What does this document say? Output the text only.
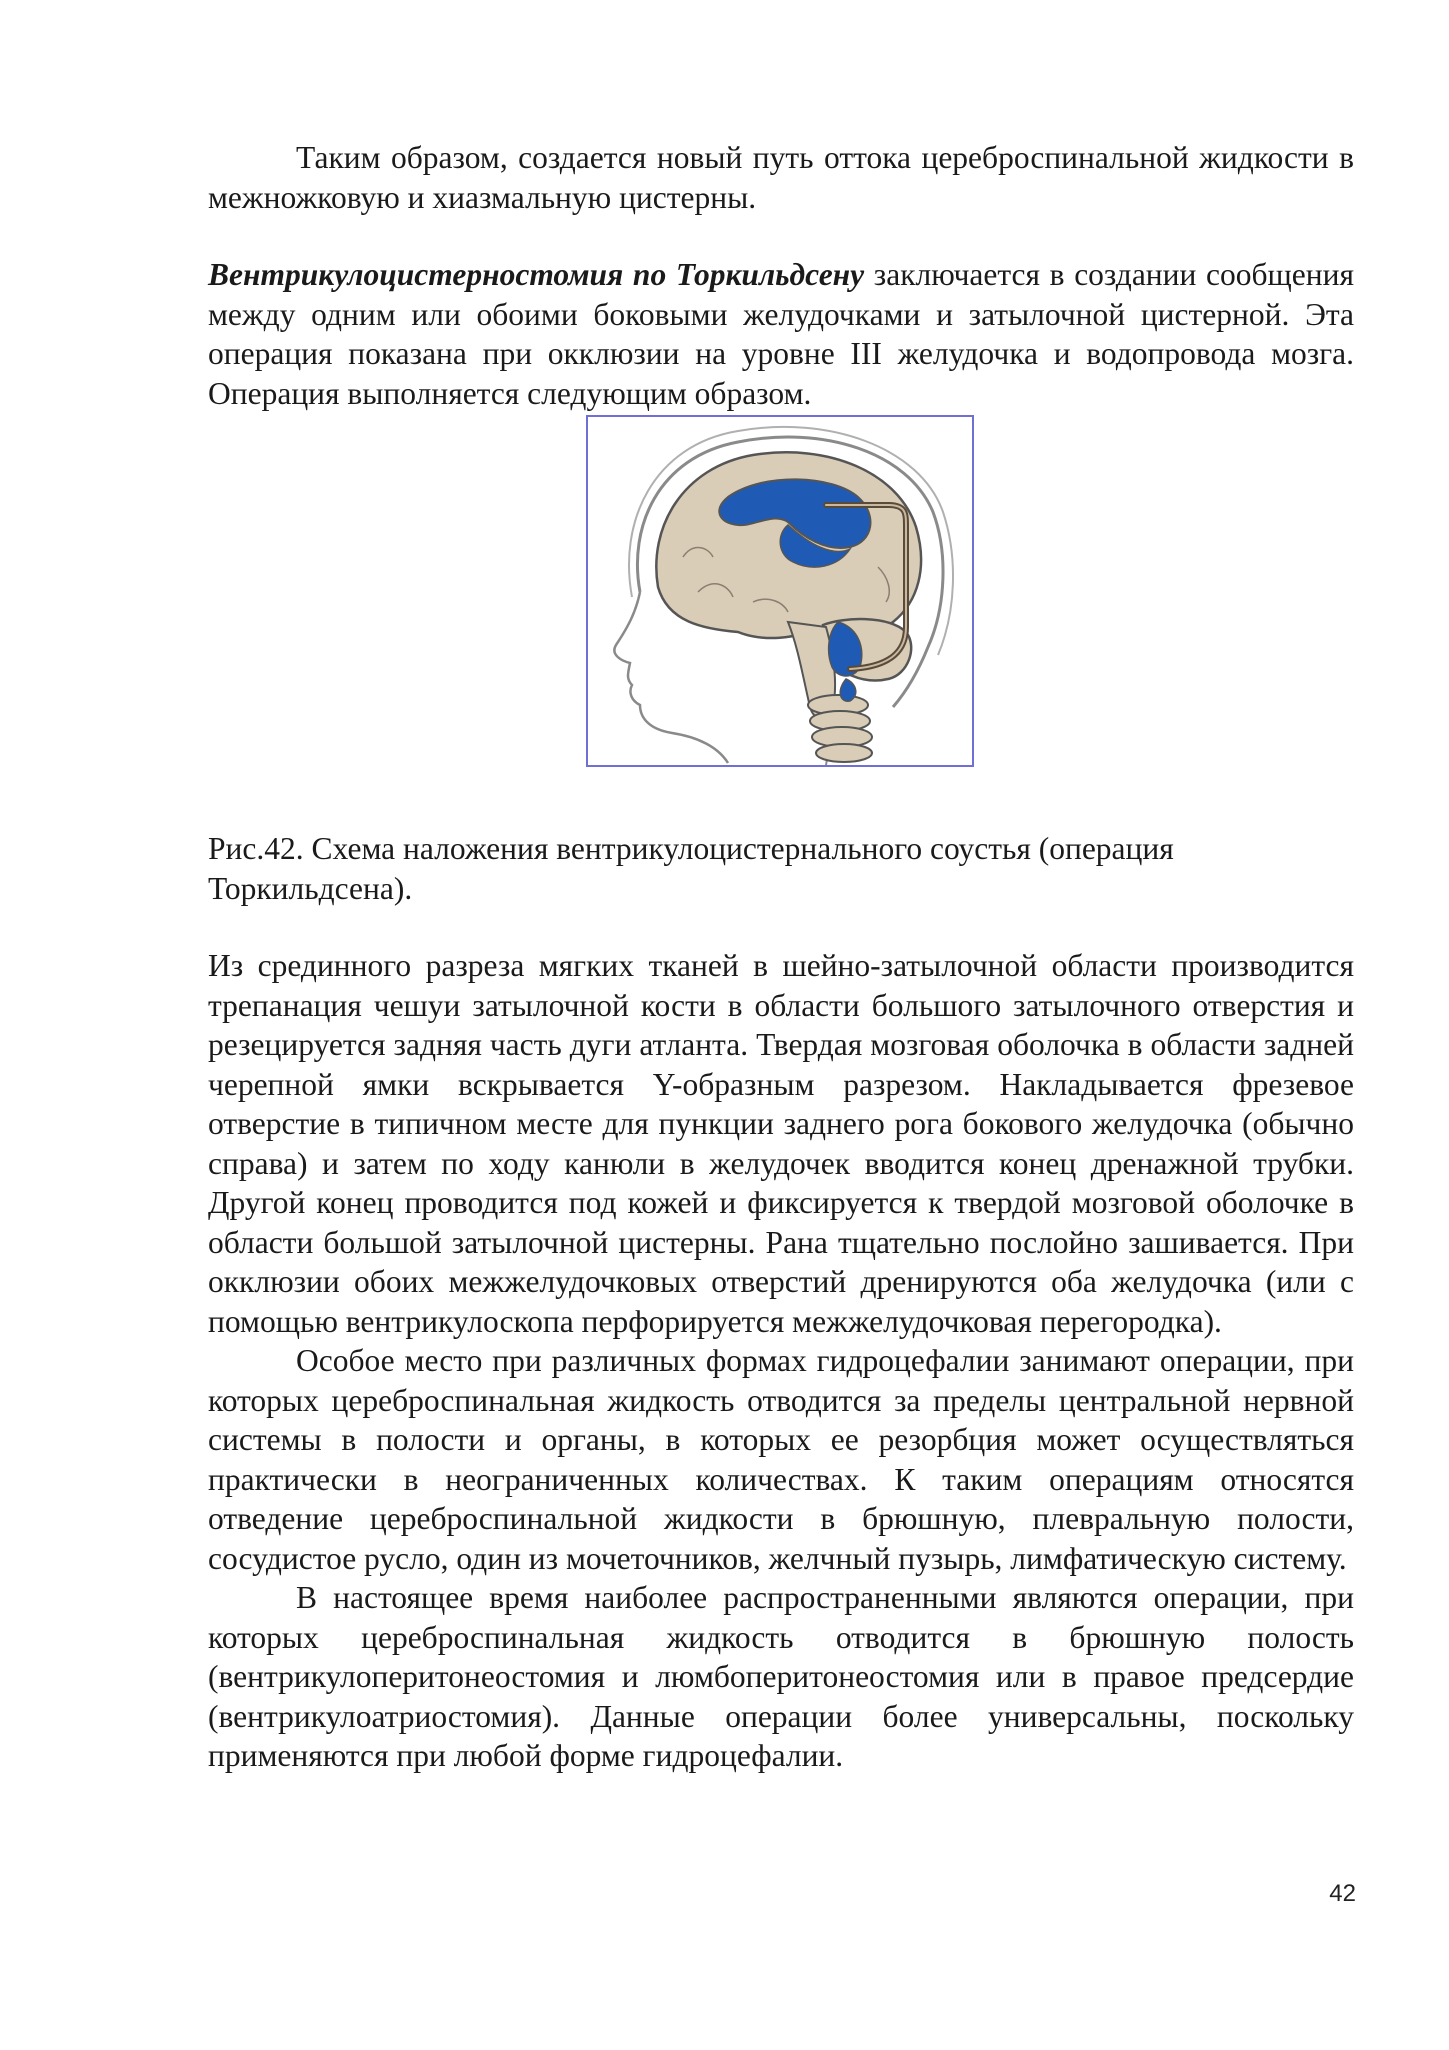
Таким образом, создается новый путь оттока цереброспинальной жидкости в межножковую и хиазмальную цистерны.

Вентрикулоцистерностомия по Торкильдсену заключается в создании сообщения между одним или обоими боковыми желудочками и затылочной цистерной. Эта операция показана при окклюзии на уровне III желудочка и водопровода мозга. Операция выполняется следующим образом.

Рис.42. Схема наложения вентрикулоцистернального соустья (операция Торкильдсена).

Из срединного разреза мягких тканей в шейно-затылочной области производится трепанация чешуи затылочной кости в области большого затылочного отверстия и резецируется задняя часть дуги атланта. Твердая мозговая оболочка в области задней черепной ямки вскрывается Y-образным разрезом. Накладывается фрезевое отверстие в типичном месте для пункции заднего рога бокового желудочка (обычно справа) и затем по ходу канюли в желудочек вводится конец дренажной трубки. Другой конец проводится под кожей и фиксируется к твердой мозговой оболочке в области большой затылочной цистерны. Рана тщательно послойно зашивается. При окклюзии обоих межжелудочковых отверстий дренируются оба желудочка (или с помощью вентрикулоскопа перфорируется межжелудочковая перегородка).

Особое место при различных формах гидроцефалии занимают операции, при которых цереброспинальная жидкость отводится за пределы центральной нервной системы в полости и органы, в которых ее резорбция может осуществляться практически в неограниченных количествах. К таким операциям относятся отведение цереброспинальной жидкости в брюшную, плевральную полости, сосудистое русло, один из мочеточников, желчный пузырь, лимфатическую систему.

В настоящее время наиболее распространенными являются операции, при которых цереброспинальная жидкость отводится в брюшную полость (вентрикулоперитонеостомия и люмбоперитонеостомия или в правое предсердие (вентрикулоатриостомия). Данные операции более универсальны, поскольку применяются при любой форме гидроцефалии.

42
